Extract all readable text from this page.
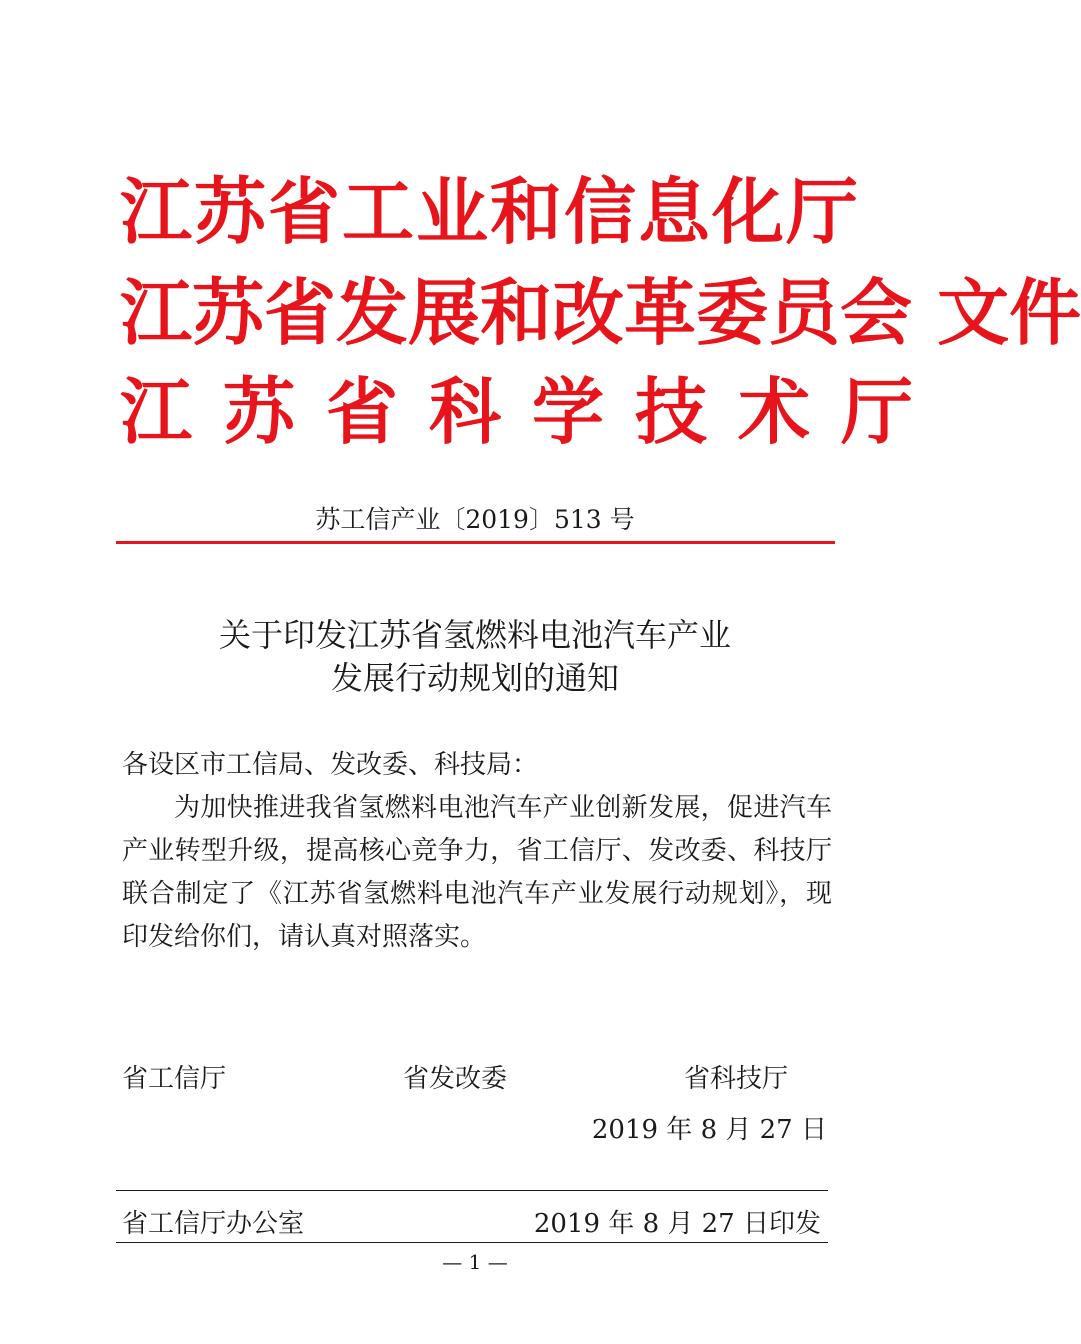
江苏省工业和信息化厅
江苏省发展和改革委员会 文件
江苏省科学技术厅
苏工信产业〔2019〕513 号
关于印发江苏省氢燃料电池汽车产业
发展行动规划的通知
各设区市工信局、发改委、科技局：
为加快推进我省氢燃料电池汽车产业创新发展，促进汽车产业转型升级，提高核心竞争力，省工信厅、发改委、科技厅联合制定了《江苏省氢燃料电池汽车产业发展行动规划》，现印发给你们，请认真对照落实。
省工信厅	省发改委	省科技厅
2019 年 8 月 27 日
省工信厅办公室	2019 年 8 月 27 日印发
— 1 —
